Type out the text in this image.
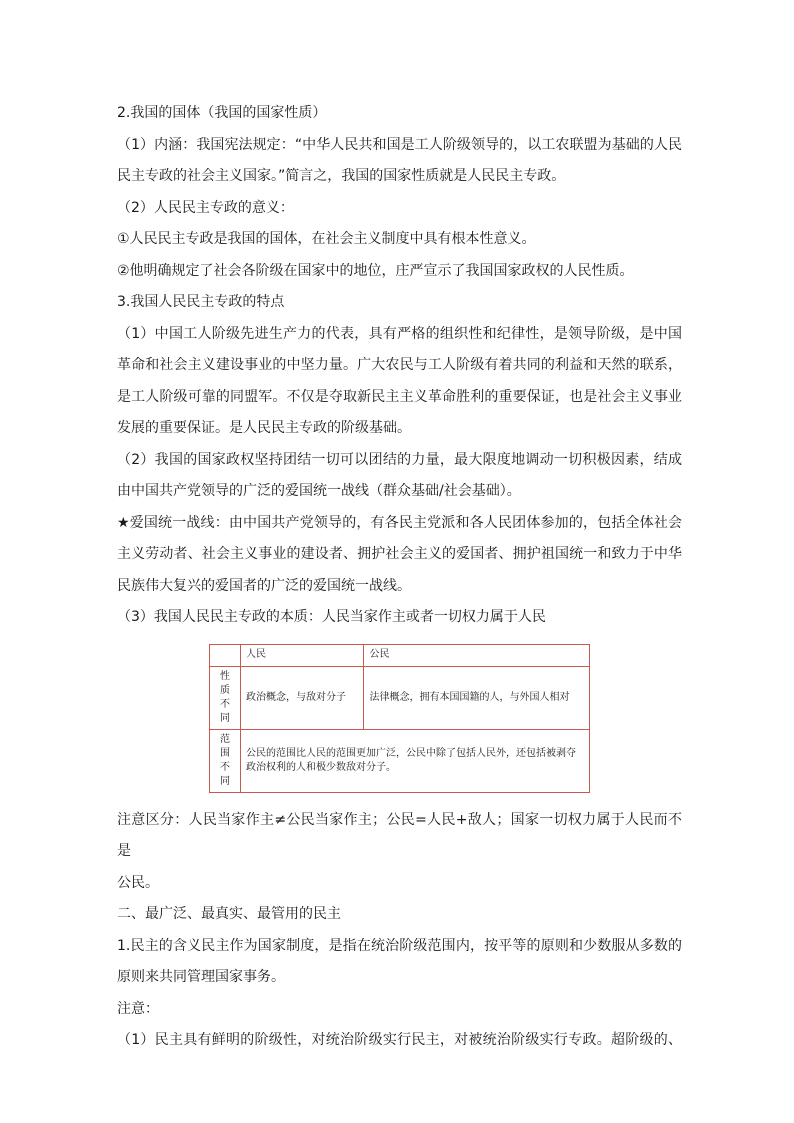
2.我国的国体（我国的国家性质）

（1）内涵：我国宪法规定：“中华人民共和国是工人阶级领导的，以工农联盟为基础的人民

民主专政的社会主义国家。”简言之，我国的国家性质就是人民民主专政。

（2）人民民主专政的意义：

①人民民主专政是我国的国体，在社会主义制度中具有根本性意义。

②他明确规定了社会各阶级在国家中的地位，庄严宣示了我国国家政权的人民性质。

3.我国人民民主专政的特点

（1）中国工人阶级先进生产力的代表，具有严格的组织性和纪律性，是领导阶级，是中国

革命和社会主义建设事业的中坚力量。广大农民与工人阶级有着共同的利益和天然的联系，

是工人阶级可靠的同盟军。不仅是夺取新民主主义革命胜利的重要保证，也是社会主义事业

发展的重要保证。是人民民主专政的阶级基础。

（2）我国的国家政权坚持团结一切可以团结的力量，最大限度地调动一切积极因素，结成

由中国共产党领导的广泛的爱国统一战线（群众基础/社会基础）。

★爱国统一战线：由中国共产党领导的，有各民主党派和各人民团体参加的，包括全体社会

主义劳动者、社会主义事业的建设者、拥护社会主义的爱国者、拥护祖国统一和致力于中华

民族伟大复兴的爱国者的广泛的爱国统一战线。

（3）我国人民民主专政的本质：人民当家作主或者一切权力属于人民

	人民	公民

性
质
不
同	政治概念，与敌对分子	法律概念，拥有本国国籍的人，与外国人相对

范
围
不
同	公民的范围比人民的范围更加广泛，公民中除了包括人民外，还包括被剥夺政治权利的人和极少数敌对分子。	

注意区分：人民当家作主≠公民当家作主；公民=人民+敌人；国家一切权力属于人民而不是

公民。

二、最广泛、最真实、最管用的民主

1.民主的含义民主作为国家制度，是指在统治阶级范围内，按平等的原则和少数服从多数的

原则来共同管理国家事务。

注意：

（1）民主具有鲜明的阶级性，对统治阶级实行民主，对被统治阶级实行专政。超阶级的、
